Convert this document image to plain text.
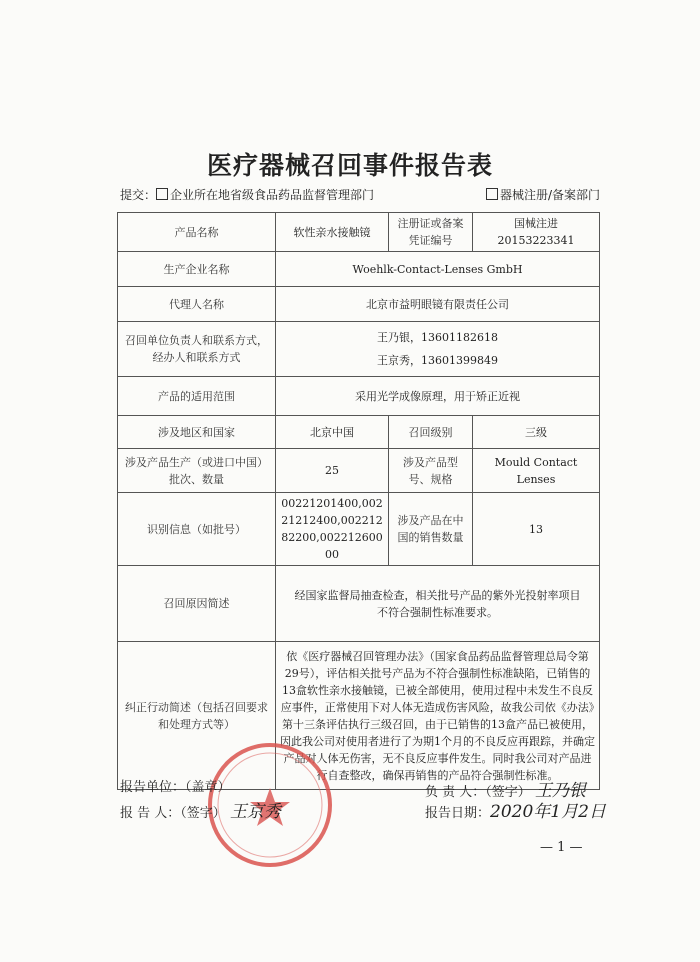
医疗器械召回事件报告表
提交： 企业所在地省级食品药品监督管理部门	器械注册/备案部门
产品名称	软性亲水接触镜	注册证或备案凭证编号	国械注进 20153223341
生产企业名称	Woehlk-Contact-Lenses GmbH		
代理人名称	北京市益明眼镜有限责任公司		
召回单位负责人和联系方式，经办人和联系方式	王乃银，13601182618
王京秀，13601399849		

产品的适用范围	采用光学成像原理，用于矫正近视		
涉及地区和国家	北京中国	召回级别	三级
涉及产品生产（或进口中国）批次、数量	25	涉及产品型号、规格	Mould Contact Lenses
识别信息（如批号）	00221201400,00221212400,00221282200,00221260000	涉及产品在中国的销售数量	13
召回原因简述	经国家监督局抽查检查，相关批号产品的紫外光投射率项目不符合强制性标准要求。		
纠正行动简述（包括召回要求和处理方式等）	依《医疗器械召回管理办法》（国家食品药品监督管理总局令第29号），评估相关批号产品为不符合强制性标准缺陷，已销售的13盒软性亲水接触镜，已被全部使用，使用过程中未发生不良反应事件，正常使用下对人体无造成伤害风险，故我公司依《办法》第十三条评估执行三级召回，由于已销售的13盒产品已被使用，因此我公司对使用者进行了为期1个月的不良反应再跟踪，并确定产品对人体无伤害，无不良反应事件发生。同时我公司对产品进行自查整改，确保再销售的产品符合强制性标准。		
报告单位：（盖章）
报 告 人：（签字） 王京秀
负 责 人：（签字） 王乃银
报告日期：2020年1月2日
— 1 —
